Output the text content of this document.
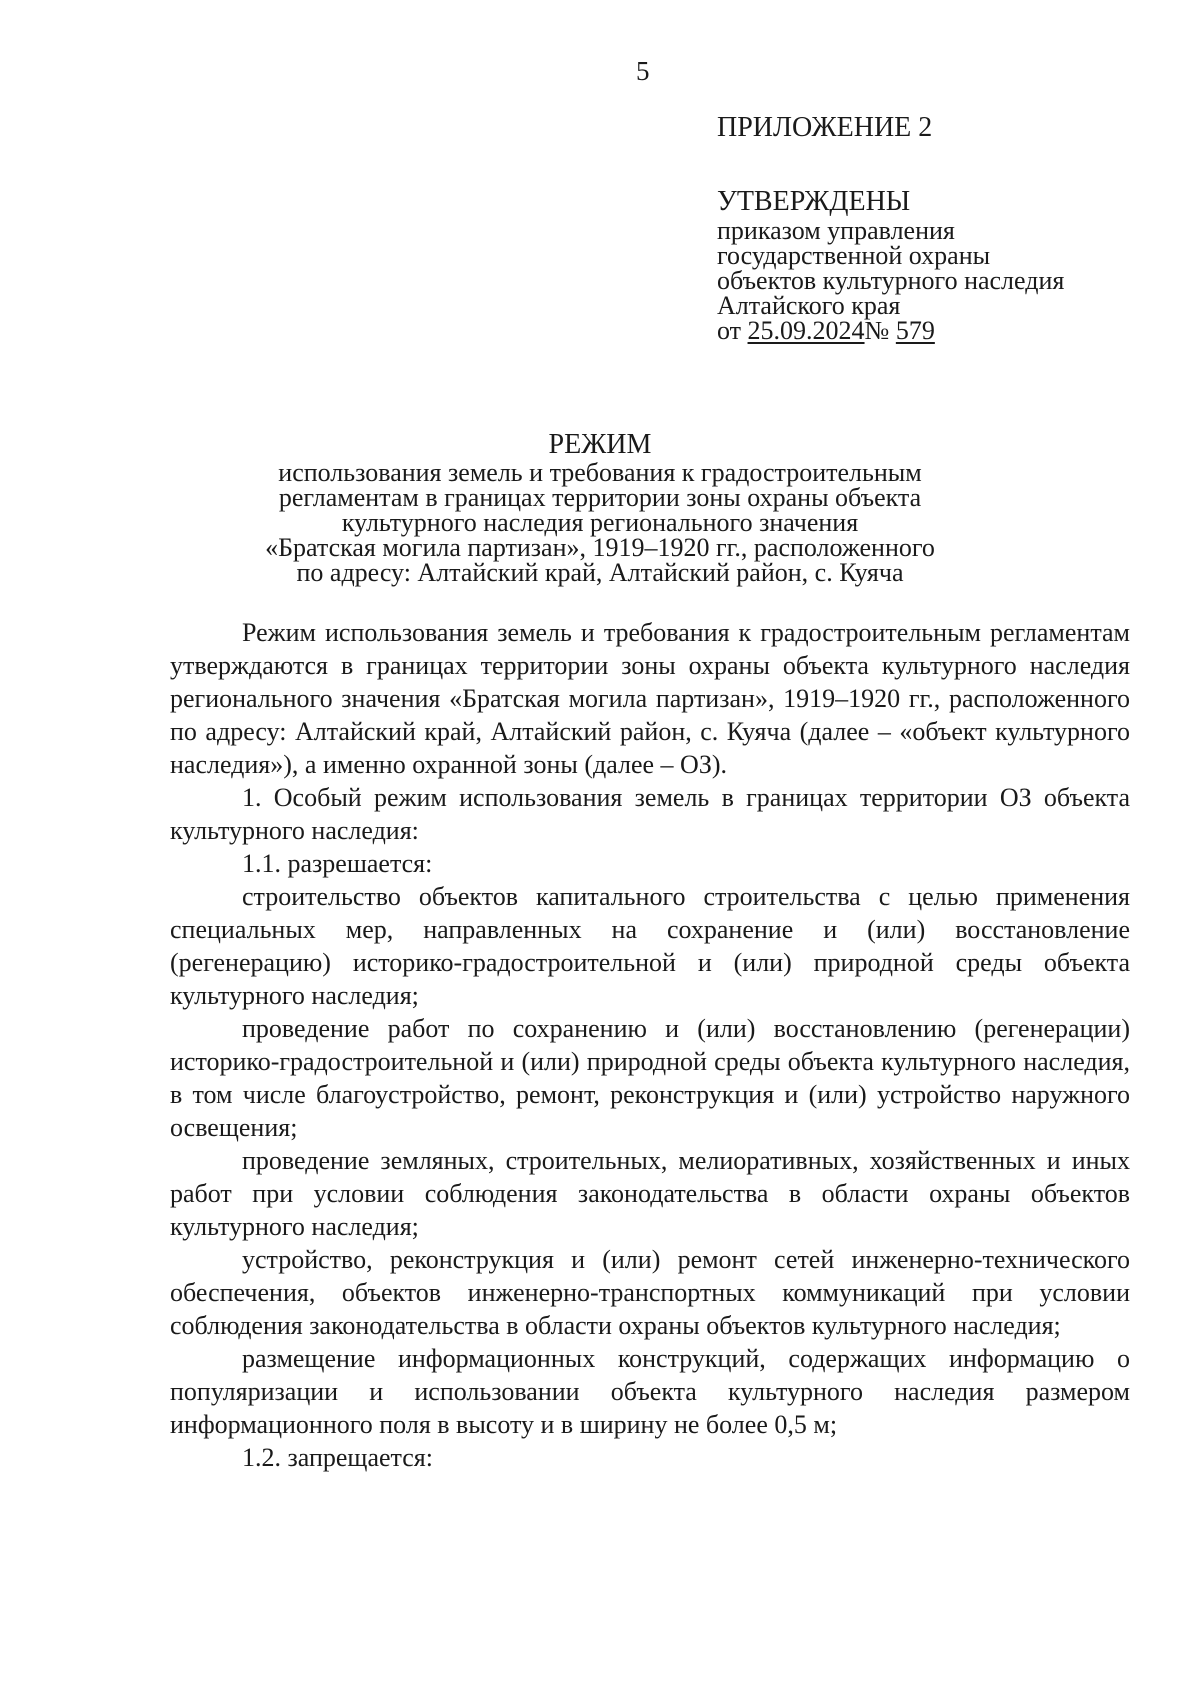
5

ПРИЛОЖЕНИЕ 2

УТВЕРЖДЕНЫ

приказом управления

государственной охраны

объектов культурного наследия

Алтайского края

от 25.09.2024№ 579

РЕЖИМ
использования земель и требования к градостроительным
регламентам в границах территории зоны охраны объекта
культурного наследия регионального значения
«Братская могила партизан», 1919–1920 гг., расположенного
по адресу: Алтайский край, Алтайский район, с. Куяча

Режим использования земель и требования к градостроительным регламентам утверждаются в границах территории зоны охраны объекта культурного наследия регионального значения «Братская могила партизан», 1919–1920 гг., расположенного по адресу: Алтайский край, Алтайский район, с. Куяча (далее – «объект культурного наследия»), а именно охранной зоны (далее – ОЗ).

1. Особый режим использования земель в границах территории ОЗ объекта культурного наследия:

1.1. разрешается:

строительство объектов капитального строительства с целью применения специальных мер, направленных на сохранение и (или) восстановление (регенерацию) историко-градостроительной и (или) природной среды объекта культурного наследия;

проведение работ по сохранению и (или) восстановлению (регенерации) историко-градостроительной и (или) природной среды объекта культурного наследия, в том числе благоустройство, ремонт, реконструкция и (или) устройство наружного освещения;

проведение земляных, строительных, мелиоративных, хозяйственных и иных работ при условии соблюдения законодательства в области охраны объектов культурного наследия;

устройство, реконструкция и (или) ремонт сетей инженерно-технического обеспечения, объектов инженерно-транспортных коммуникаций при условии соблюдения законодательства в области охраны объектов культурного наследия;

размещение информационных конструкций, содержащих информацию о популяризации и использовании объекта культурного наследия размером информационного поля в высоту и в ширину не более 0,5 м;

1.2. запрещается:
